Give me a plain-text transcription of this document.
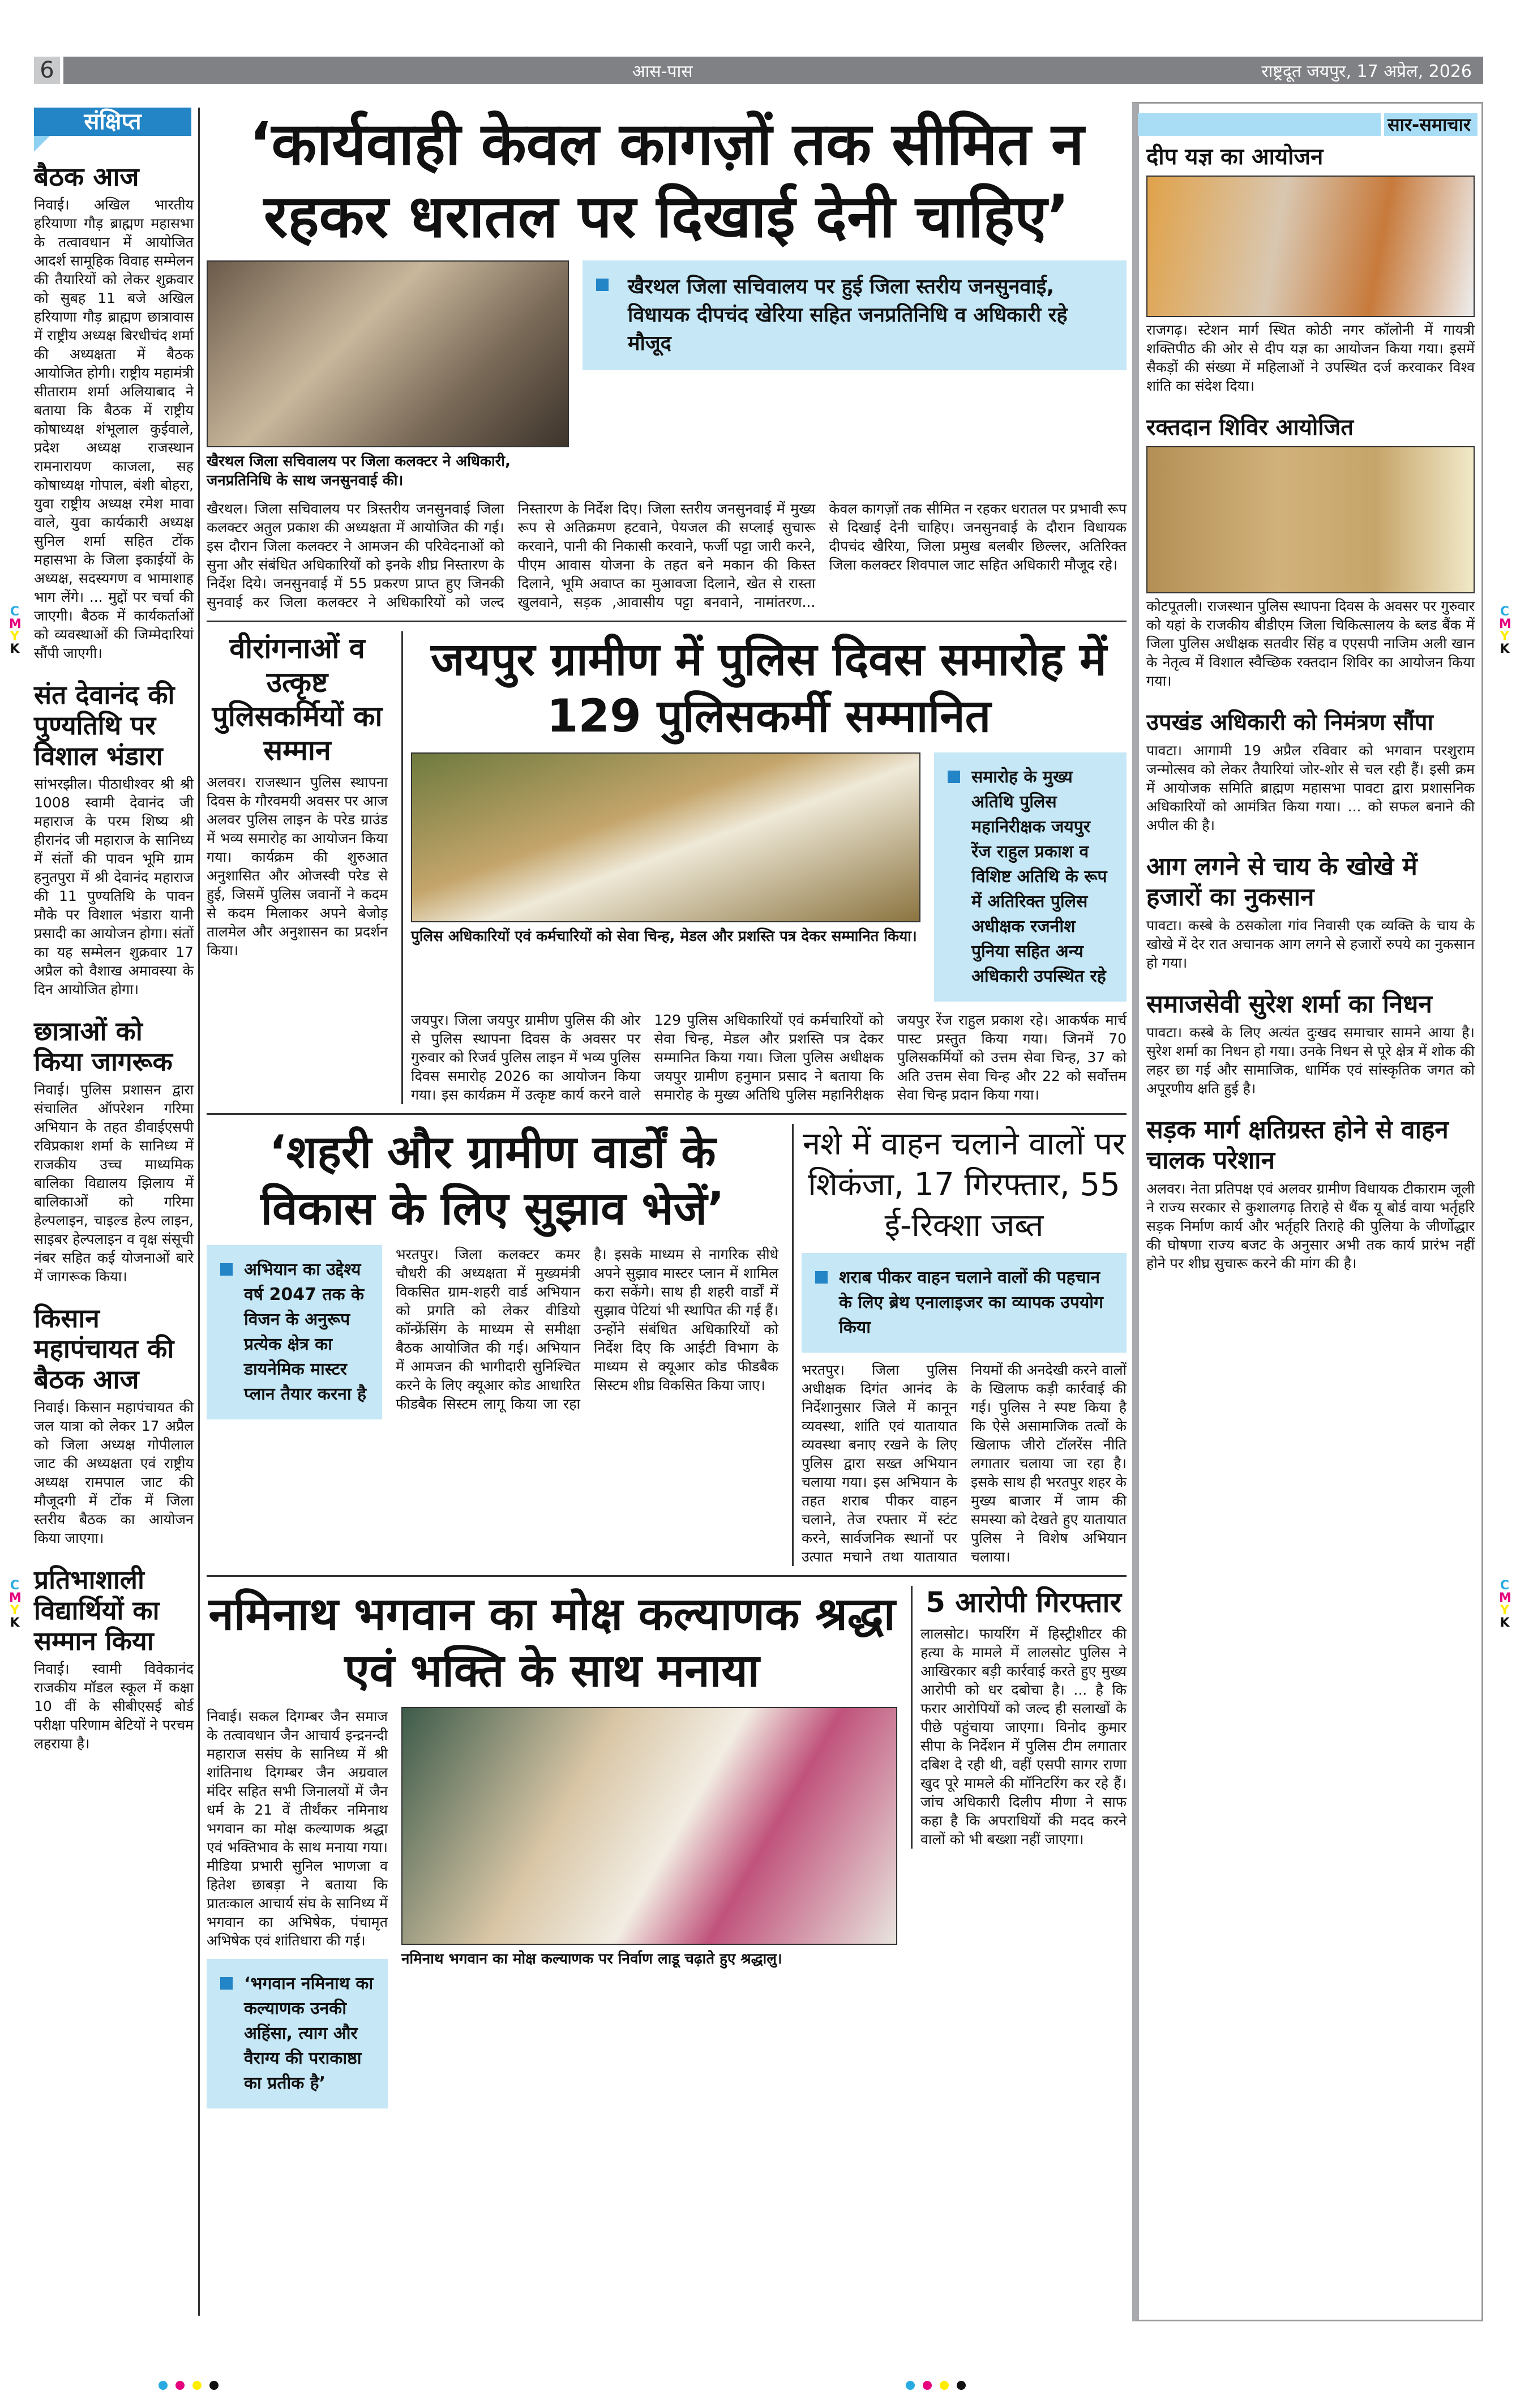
6	आस-पास	राष्ट्रदूत जयपुर, 17 अप्रेल, 2026
C
M
Y
K
C
M
Y
K
C
M
Y
K
C
M
Y
K
संक्षिप्त
बैठक आज

निवाई। अखिल भारतीय हरियाणा गौड़ ब्राह्मण महासभा के तत्वावधान में आयोजित आदर्श सामूहिक विवाह सम्मेलन की तैयारियों को लेकर शुक्रवार को सुबह 11 बजे अखिल हरियाणा गौड़ ब्राह्मण छात्रावास में राष्ट्रीय अध्यक्ष बिरधीचंद शर्मा की अध्यक्षता में बैठक आयोजित होगी। राष्ट्रीय महामंत्री सीताराम शर्मा अलियाबाद ने बताया कि बैठक में राष्ट्रीय कोषाध्यक्ष शंभूलाल कुईवाले, प्रदेश अध्यक्ष राजस्थान रामनारायण काजला, सह कोषाध्यक्ष गोपाल, बंशी बोहरा, युवा राष्ट्रीय अध्यक्ष रमेश मावा वाले, युवा कार्यकारी अध्यक्ष सुनिल शर्मा सहित टोंक महासभा के जिला इकाईयों के अध्यक्ष, सदस्यगण व भामाशाह भाग लेंगे। ... मुद्दों पर चर्चा की जाएगी। बैठक में कार्यकर्ताओं को व्यवस्थाओं की जिम्मेदारियां सौंपी जाएगी।

संत देवानंद की पुण्यतिथि पर विशाल भंडारा

सांभरझील। पीठाधीश्वर श्री श्री 1008 स्वामी देवानंद जी महाराज के परम शिष्य श्री हीरानंद जी महाराज के सानिध्य में संतों की पावन भूमि ग्राम हनुतपुरा में श्री देवानंद महाराज की 11 पुण्यतिथि के पावन मौके पर विशाल भंडारा यानी प्रसादी का आयोजन होगा। संतों का यह सम्मेलन शुक्रवार 17 अप्रैल को वैशाख अमावस्या के दिन आयोजित होगा।

छात्राओं को किया जागरूक

निवाई। पुलिस प्रशासन द्वारा संचालित ऑपरेशन गरिमा अभियान के तहत डीवाईएसपी रविप्रकाश शर्मा के सानिध्य में राजकीय उच्च माध्यमिक बालिका विद्यालय झिलाय में बालिकाओं को गरिमा हेल्पलाइन, चाइल्ड हेल्प लाइन, साइबर हेल्पलाइन व वृक्ष संसूची नंबर सहित कई योजनाओं बारे में जागरूक किया।

किसान महापंचायत की बैठक आज

निवाई। किसान महापंचायत की जल यात्रा को लेकर 17 अप्रैल को जिला अध्यक्ष गोपीलाल जाट की अध्यक्षता एवं राष्ट्रीय अध्यक्ष रामपाल जाट की मौजूदगी में टोंक में जिला स्तरीय बैठक का आयोजन किया जाएगा।

प्रतिभाशाली विद्यार्थियों का सम्मान किया

निवाई। स्वामी विवेकानंद राजकीय मॉडल स्कूल में कक्षा 10 वीं के सीबीएसई बोर्ड परीक्षा परिणाम बेटियों ने परचम लहराया है।

‘कार्यवाही केवल कागज़ों तक सीमित न रहकर धरातल पर दिखाई देनी चाहिए’

खैरथल जिला सचिवालय पर जिला कलक्टर ने अधिकारी, जनप्रतिनिधि के साथ जनसुनवाई की।

खैरथल जिला सचिवालय पर हुई जिला स्तरीय जनसुनवाई, विधायक दीपचंद खेरिया सहित जनप्रतिनिधि व अधिकारी रहे मौजूद

खैरथल। जिला सचिवालय पर त्रिस्तरीय जनसुनवाई जिला कलक्टर अतुल प्रकाश की अध्यक्षता में आयोजित की गई। इस दौरान जिला कलक्टर ने आमजन की परिवेदनाओं को सुना और संबंधित अधिकारियों को इनके शीघ्र निस्तारण के निर्देश दिये। जनसुनवाई में 55 प्रकरण प्राप्त हुए जिनकी सुनवाई कर जिला कलक्टर ने अधिकारियों को जल्द निस्तारण के निर्देश दिए। जिला स्तरीय जनसुनवाई में मुख्य रूप से अतिक्रमण हटवाने, पेयजल की सप्लाई सुचारू करवाने, पानी की निकासी करवाने, फर्जी पट्टा जारी करने, पीएम आवास योजना के तहत बने मकान की किस्त दिलाने, भूमि अवाप्त का मुआवजा दिलाने, खेत से रास्ता खुलवाने, सड़क ,आवासीय पट्टा बनवाने, नामांतरण... केवल कागज़ों तक सीमित न रहकर धरातल पर प्रभावी रूप से दिखाई देनी चाहिए। जनसुनवाई के दौरान विधायक दीपचंद खैरिया, जिला प्रमुख बलबीर छिल्लर, अतिरिक्त जिला कलक्टर शिवपाल जाट सहित अधिकारी मौजूद रहे।

वीरांगनाओं व उत्कृष्ट पुलिसकर्मियों का सम्मान

अलवर। राजस्थान पुलिस स्थापना दिवस के गौरवमयी अवसर पर आज अलवर पुलिस लाइन के परेड ग्राउंड में भव्य समारोह का आयोजन किया गया। कार्यक्रम की शुरुआत अनुशासित और ओजस्वी परेड से हुई, जिसमें पुलिस जवानों ने कदम से कदम मिलाकर अपने बेजोड़ तालमेल और अनुशासन का प्रदर्शन किया।

जयपुर ग्रामीण में पुलिस दिवस समारोह में 129 पुलिसकर्मी सम्मानित

पुलिस अधिकारियों एवं कर्मचारियों को सेवा चिन्ह, मेडल और प्रशस्ति पत्र देकर सम्मानित किया।

समारोह के मुख्य अतिथि पुलिस महानिरीक्षक जयपुर रेंज राहुल प्रकाश व विशिष्ट अतिथि के रूप में अतिरिक्त पुलिस अधीक्षक रजनीश पुनिया सहित अन्य अधिकारी उपस्थित रहे

जयपुर। जिला जयपुर ग्रामीण पुलिस की ओर से पुलिस स्थापना दिवस के अवसर पर गुरुवार को रिजर्व पुलिस लाइन में भव्य पुलिस दिवस समारोह 2026 का आयोजन किया गया। इस कार्यक्रम में उत्कृष्ट कार्य करने वाले 129 पुलिस अधिकारियों एवं कर्मचारियों को सेवा चिन्ह, मेडल और प्रशस्ति पत्र देकर सम्मानित किया गया। जिला पुलिस अधीक्षक जयपुर ग्रामीण हनुमान प्रसाद ने बताया कि समारोह के मुख्य अतिथि पुलिस महानिरीक्षक जयपुर रेंज राहुल प्रकाश रहे। आकर्षक मार्च पास्ट प्रस्तुत किया गया। जिनमें 70 पुलिसकर्मियों को उत्तम सेवा चिन्ह, 37 को अति उत्तम सेवा चिन्ह और 22 को सर्वोत्तम सेवा चिन्ह प्रदान किया गया।

‘शहरी और ग्रामीण वार्डों के विकास के लिए सुझाव भेजें’
अभियान का उद्देश्य वर्ष 2047 तक के विजन के अनुरूप प्रत्येक क्षेत्र का डायनेमिक मास्टर प्लान तैयार करना है

भरतपुर। जिला कलक्टर कमर चौधरी की अध्यक्षता में मुख्यमंत्री विकसित ग्राम-शहरी वार्ड अभियान को प्रगति को लेकर वीडियो कॉन्फ्रेंसिंग के माध्यम से समीक्षा बैठक आयोजित की गई। अभियान में आमजन की भागीदारी सुनिश्चित करने के लिए क्यूआर कोड आधारित फीडबैक सिस्टम लागू किया जा रहा है। इसके माध्यम से नागरिक सीधे अपने सुझाव मास्टर प्लान में शामिल करा सकेंगे। साथ ही शहरी वार्डों में सुझाव पेटियां भी स्थापित की गई हैं। उन्होंने संबंधित अधिकारियों को निर्देश दिए कि आईटी विभाग के माध्यम से क्यूआर कोड फीडबैक सिस्टम शीघ्र विकसित किया जाए।

नशे में वाहन चलाने वालों पर शिकंजा, 17 गिरफ्तार, 55 ई-रिक्शा जब्त
शराब पीकर वाहन चलाने वालों की पहचान के लिए ब्रेथ एनालाइजर का व्यापक उपयोग किया

भरतपुर। जिला पुलिस अधीक्षक दिगंत आनंद के निर्देशानुसार जिले में कानून व्यवस्था, शांति एवं यातायात व्यवस्था बनाए रखने के लिए पुलिस द्वारा सख्त अभियान चलाया गया। इस अभियान के तहत शराब पीकर वाहन चलाने, तेज रफ्तार में स्टंट करने, सार्वजनिक स्थानों पर उत्पात मचाने तथा यातायात नियमों की अनदेखी करने वालों के खिलाफ कड़ी कार्रवाई की गई। पुलिस ने स्पष्ट किया है कि ऐसे असामाजिक तत्वों के खिलाफ जीरो टॉलरेंस नीति लगातार चलाया जा रहा है। इसके साथ ही भरतपुर शहर के मुख्य बाजार में जाम की समस्या को देखते हुए यातायात पुलिस ने विशेष अभियान चलाया।

नमिनाथ भगवान का मोक्ष कल्याणक श्रद्धा एवं भक्ति के साथ मनाया

निवाई। सकल दिगम्बर जैन समाज के तत्वावधान जैन आचार्य इन्द्रनन्दी महाराज ससंघ के सानिध्य में श्री शांतिनाथ दिगम्बर जैन अग्रवाल मंदिर सहित सभी जिनालयों में जैन धर्म के 21 वें तीर्थंकर नमिनाथ भगवान का मोक्ष कल्याणक श्रद्धा एवं भक्तिभाव के साथ मनाया गया। मीडिया प्रभारी सुनिल भाणजा व हितेश छाबड़ा ने बताया कि प्रातःकाल आचार्य संघ के सानिध्य में भगवान का अभिषेक, पंचामृत अभिषेक एवं शांतिधारा की गई।

‘भगवान नमिनाथ का कल्याणक उनकी अहिंसा, त्याग और वैराग्य की पराकाष्ठा का प्रतीक है’

नमिनाथ भगवान का मोक्ष कल्याणक पर निर्वाण लाडू चढ़ाते हुए श्रद्धालु।

5 आरोपी गिरफ्तार

लालसोट। फायरिंग में हिस्ट्रीशीटर की हत्या के मामले में लालसोट पुलिस ने आखिरकार बड़ी कार्रवाई करते हुए मुख्य आरोपी को धर दबोचा है। ... है कि फरार आरोपियों को जल्द ही सलाखों के पीछे पहुंचाया जाएगा। विनोद कुमार सीपा के निर्देशन में पुलिस टीम लगातार दबिश दे रही थी, वहीं एसपी सागर राणा खुद पूरे मामले की मॉनिटरिंग कर रहे हैं। जांच अधिकारी दिलीप मीणा ने साफ कहा है कि अपराधियों की मदद करने वालों को भी बख्शा नहीं जाएगा।

सार-समाचार
दीप यज्ञ का आयोजन

राजगढ़। स्टेशन मार्ग स्थित कोठी नगर कॉलोनी में गायत्री शक्तिपीठ की ओर से दीप यज्ञ का आयोजन किया गया। इसमें सैकड़ों की संख्या में महिलाओं ने उपस्थित दर्ज करवाकर विश्व शांति का संदेश दिया।

रक्तदान शिविर आयोजित

कोटपूतली। राजस्थान पुलिस स्थापना दिवस के अवसर पर गुरुवार को यहां के राजकीय बीडीएम जिला चिकित्सालय के ब्लड बैंक में जिला पुलिस अधीक्षक सतवीर सिंह व एएसपी नाजिम अली खान के नेतृत्व में विशाल स्वैच्छिक रक्तदान शिविर का आयोजन किया गया।

उपखंड अधिकारी को निमंत्रण सौंपा

पावटा। आगामी 19 अप्रैल रविवार को भगवान परशुराम जन्मोत्सव को लेकर तैयारियां जोर-शोर से चल रही हैं। इसी क्रम में आयोजक समिति ब्राह्मण महासभा पावटा द्वारा प्रशासनिक अधिकारियों को आमंत्रित किया गया। ... को सफल बनाने की अपील की है।

आग लगने से चाय के खोखे में हजारों का नुकसान

पावटा। कस्बे के ठसकोला गांव निवासी एक व्यक्ति के चाय के खोखे में देर रात अचानक आग लगने से हजारों रुपये का नुकसान हो गया।

समाजसेवी सुरेश शर्मा का निधन

पावटा। कस्बे के लिए अत्यंत दुःखद समाचार सामने आया है। सुरेश शर्मा का निधन हो गया। उनके निधन से पूरे क्षेत्र में शोक की लहर छा गई और सामाजिक, धार्मिक एवं सांस्कृतिक जगत को अपूरणीय क्षति हुई है।

सड़क मार्ग क्षतिग्रस्त होने से वाहन चालक परेशान

अलवर। नेता प्रतिपक्ष एवं अलवर ग्रामीण विधायक टीकाराम जूली ने राज्य सरकार से कुशालगढ़ तिराहे से थैंक यू बोर्ड वाया भर्तृहरि सड़क निर्माण कार्य और भर्तृहरि तिराहे की पुलिया के जीर्णोद्धार की घोषणा राज्य बजट के अनुसार अभी तक कार्य प्रारंभ नहीं होने पर शीघ्र सुचारू करने की मांग की है।
